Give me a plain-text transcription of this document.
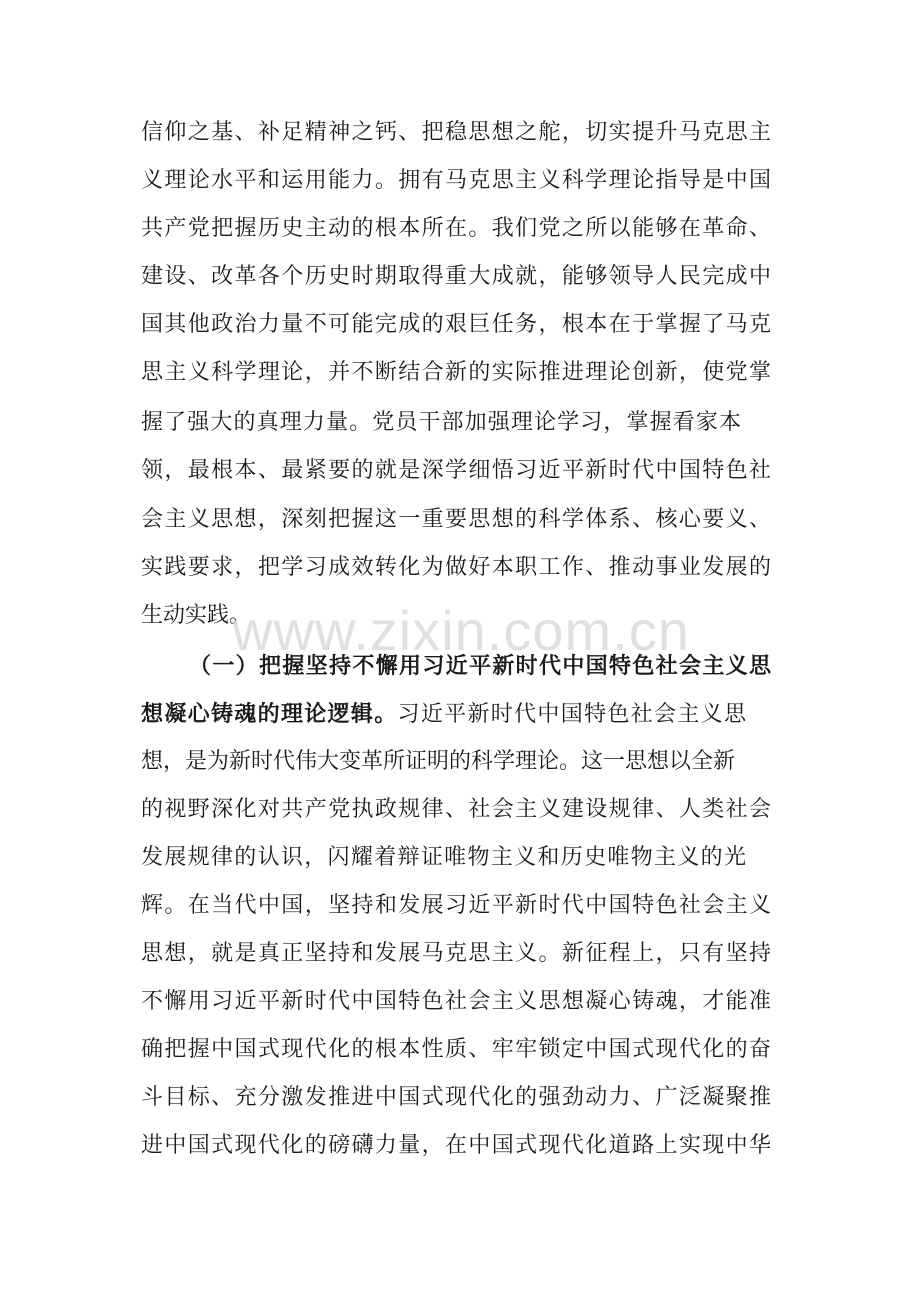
信仰之基、补足精神之钙、把稳思想之舵，切实提升马克思主
义理论水平和运用能力。拥有马克思主义科学理论指导是中国
共产党把握历史主动的根本所在。我们党之所以能够在革命、
建设、改革各个历史时期取得重大成就，能够领导人民完成中
国其他政治力量不可能完成的艰巨任务，根本在于掌握了马克
思主义科学理论，并不断结合新的实际推进理论创新，使党掌
握了强大的真理力量。党员干部加强理论学习，掌握看家本
领，最根本、最紧要的就是深学细悟习近平新时代中国特色社
会主义思想，深刻把握这一重要思想的科学体系、核心要义、
实践要求，把学习成效转化为做好本职工作、推动事业发展的
生动实践。
www.zixin.com.cn
（一）把握坚持不懈用习近平新时代中国特色社会主义思
想凝心铸魂的理论逻辑。习近平新时代中国特色社会主义思
想，是为新时代伟大变革所证明的科学理论。这一思想以全新
的视野深化对共产党执政规律、社会主义建设规律、人类社会
发展规律的认识，闪耀着辩证唯物主义和历史唯物主义的光
辉。在当代中国，坚持和发展习近平新时代中国特色社会主义
思想，就是真正坚持和发展马克思主义。新征程上，只有坚持
不懈用习近平新时代中国特色社会主义思想凝心铸魂，才能准
确把握中国式现代化的根本性质、牢牢锁定中国式现代化的奋
斗目标、充分激发推进中国式现代化的强劲动力、广泛凝聚推
进中国式现代化的磅礴力量，在中国式现代化道路上实现中华
